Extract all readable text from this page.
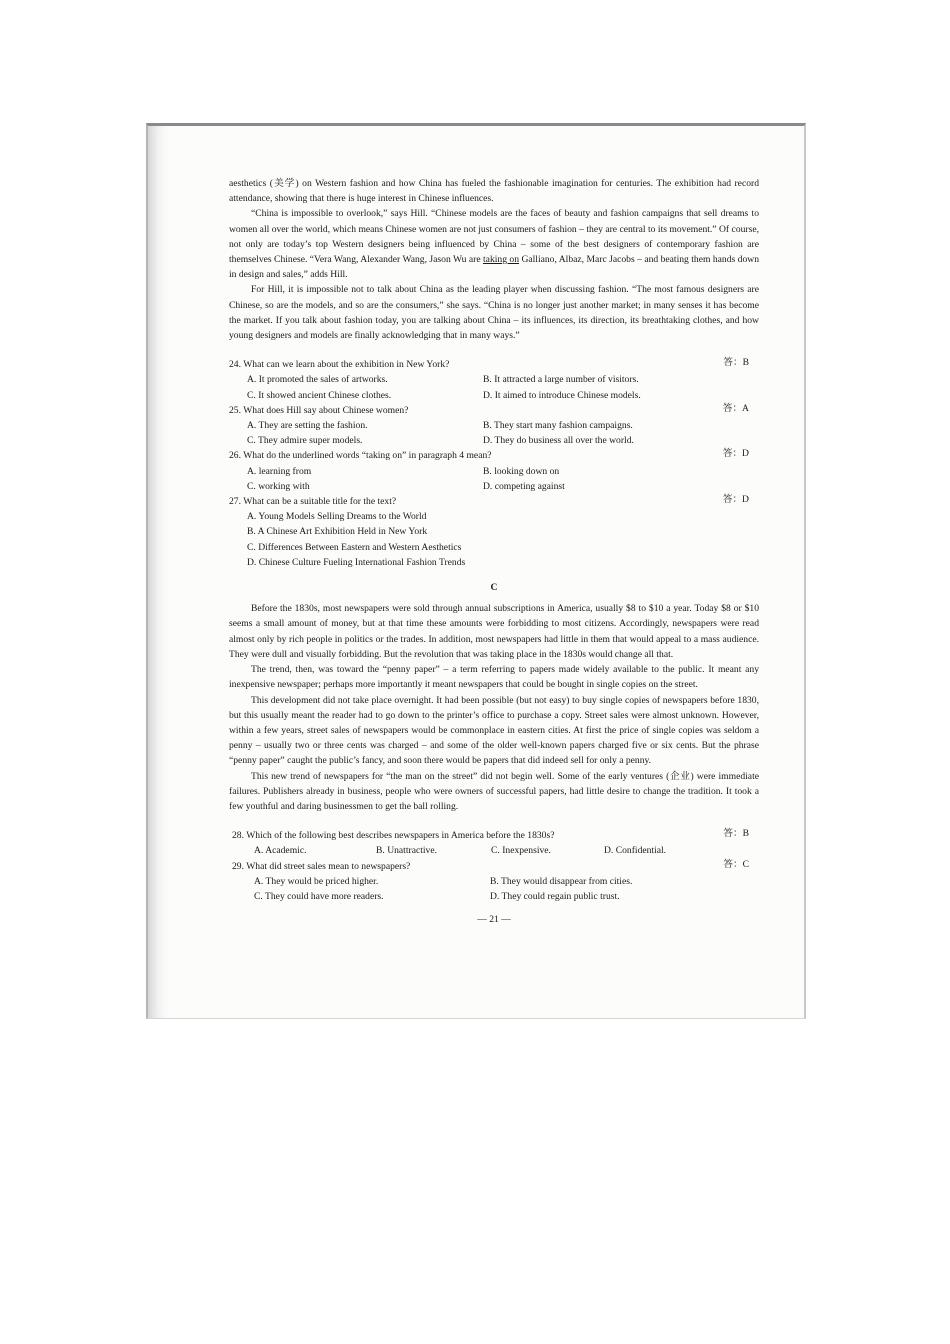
aesthetics (美学) on Western fashion and how China has fueled the fashionable imagination for centuries. The exhibition had record attendance, showing that there is huge interest in Chinese influences.

“China is impossible to overlook,” says Hill. “Chinese models are the faces of beauty and fashion campaigns that sell dreams to women all over the world, which means Chinese women are not just consumers of fashion – they are central to its movement.” Of course, not only are today’s top Western designers being influenced by China – some of the best designers of contemporary fashion are themselves Chinese. “Vera Wang, Alexander Wang, Jason Wu are taking on Galliano, Albaz, Marc Jacobs – and beating them hands down in design and sales,” adds Hill.

For Hill, it is impossible not to talk about China as the leading player when discussing fashion. “The most famous designers are Chinese, so are the models, and so are the consumers,” she says. “China is no longer just another market; in many senses it has become the market. If you talk about fashion today, you are talking about China – its influences, its direction, its breathtaking clothes, and how young designers and models are finally acknowledging that in many ways.”

24. What can we learn about the exhibition in New York?	答：B
A. It promoted the sales of artworks.	B. It attracted a large number of visitors.
C. It showed ancient Chinese clothes.	D. It aimed to introduce Chinese models.
25. What does Hill say about Chinese women?	答：A
A. They are setting the fashion.	B. They start many fashion campaigns.
C. They admire super models.	D. They do business all over the world.
26. What do the underlined words “taking on” in paragraph 4 mean?	答：D
A. learning from	B. looking down on
C. working with	D. competing against
27. What can be a suitable title for the text?	答：D
A. Young Models Selling Dreams to the World
B. A Chinese Art Exhibition Held in New York
C. Differences Between Eastern and Western Aesthetics
D. Chinese Culture Fueling International Fashion Trends
C

Before the 1830s, most newspapers were sold through annual subscriptions in America, usually $8 to $10 a year. Today $8 or $10 seems a small amount of money, but at that time these amounts were forbidding to most citizens. Accordingly, newspapers were read almost only by rich people in politics or the trades. In addition, most newspapers had little in them that would appeal to a mass audience. They were dull and visually forbidding. But the revolution that was taking place in the 1830s would change all that.

The trend, then, was toward the “penny paper” – a term referring to papers made widely available to the public. It meant any inexpensive newspaper; perhaps more importantly it meant newspapers that could be bought in single copies on the street.

This development did not take place overnight. It had been possible (but not easy) to buy single copies of newspapers before 1830, but this usually meant the reader had to go down to the printer’s office to purchase a copy. Street sales were almost unknown. However, within a few years, street sales of newspapers would be commonplace in eastern cities. At first the price of single copies was seldom a penny – usually two or three cents was charged – and some of the older well-known papers charged five or six cents. But the phrase “penny paper” caught the public’s fancy, and soon there would be papers that did indeed sell for only a penny.

This new trend of newspapers for “the man on the street” did not begin well. Some of the early ventures (企业) were immediate failures. Publishers already in business, people who were owners of successful papers, had little desire to change the tradition. It took a few youthful and daring businessmen to get the ball rolling.

28. Which of the following best describes newspapers in America before the 1830s?	答：B
A. Academic.	B. Unattractive.	C. Inexpensive.	D. Confidential.
29. What did street sales mean to newspapers?	答：C
A. They would be priced higher.	B. They would disappear from cities.
C. They could have more readers.	D. They could regain public trust.
— 21 —
